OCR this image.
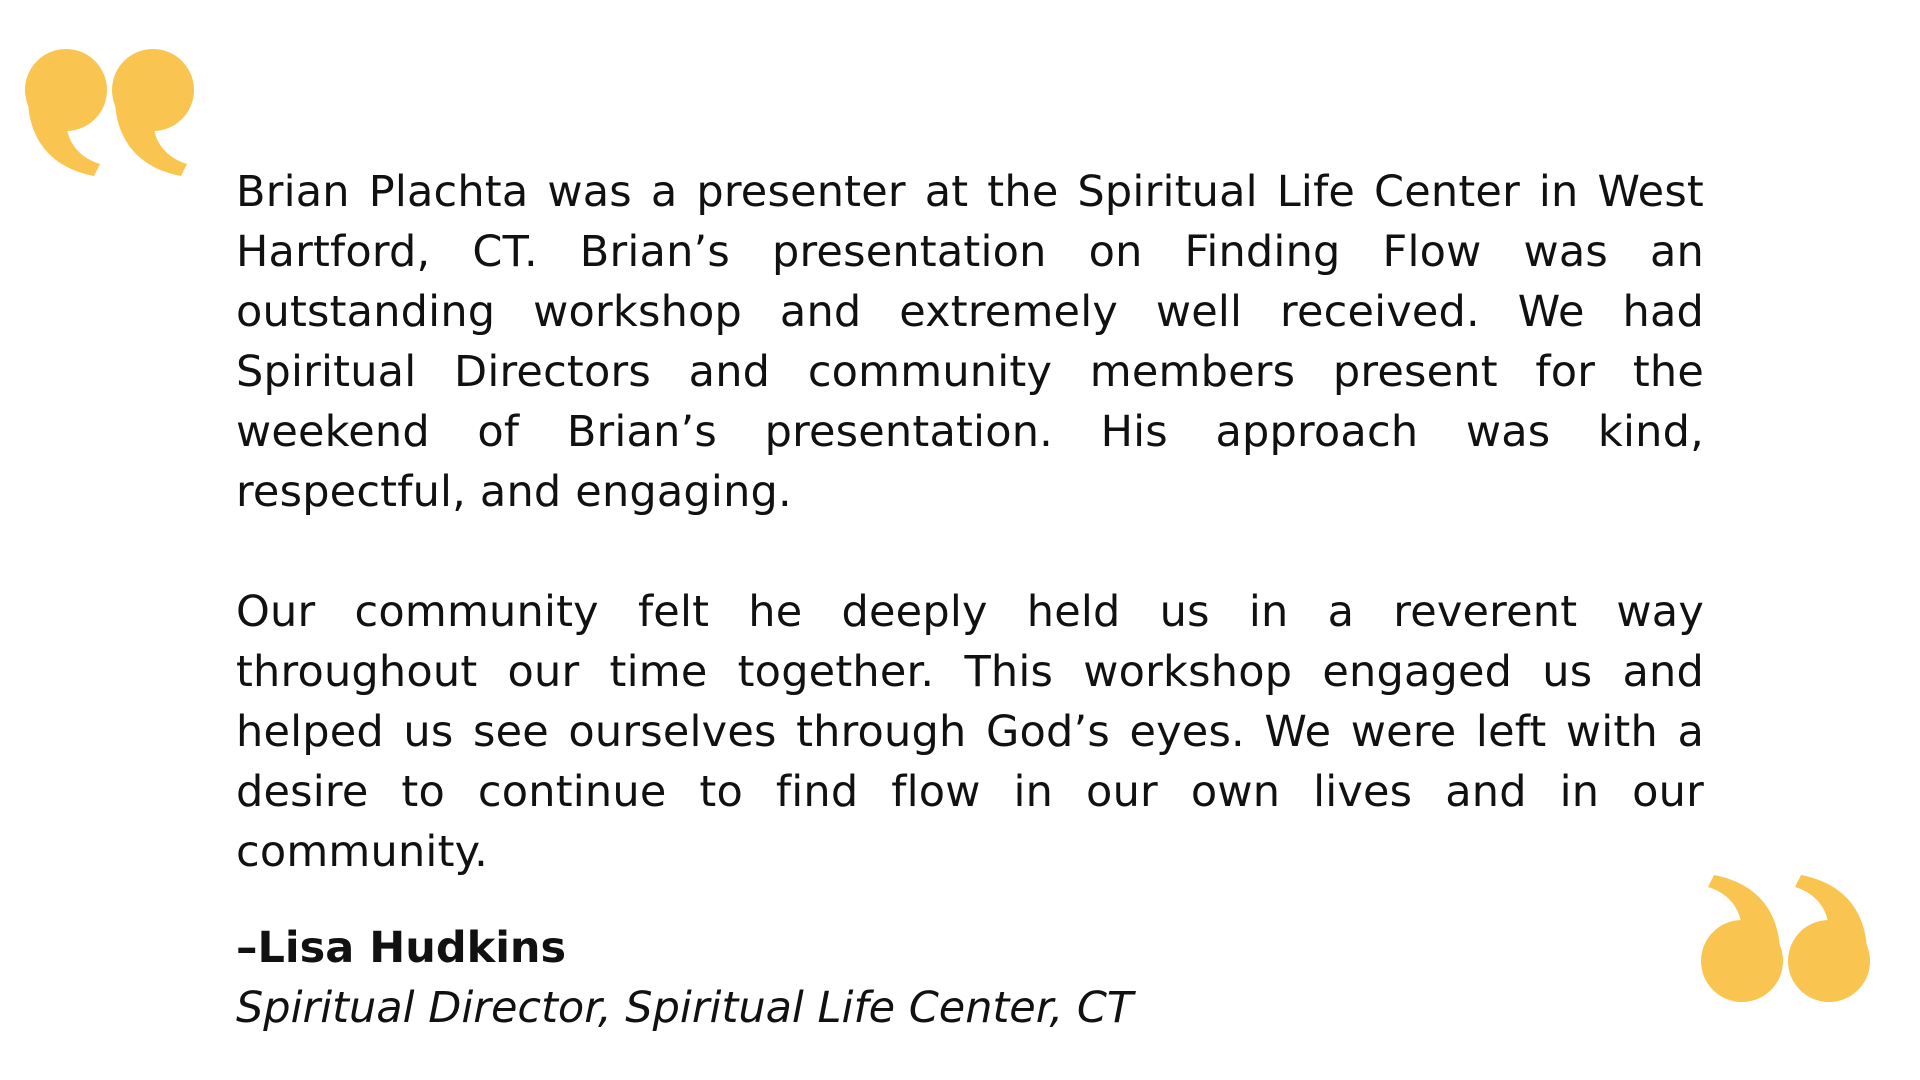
Brian Plachta was a presenter at the Spiritual Life Center in West Hartford, CT. Brian’s presentation on Finding Flow was an outstanding workshop and extremely well received. We had Spiritual Directors and community members present for the weekend of Brian’s presentation. His approach was kind, respectful, and engaging.

Our community felt he deeply held us in a reverent way throughout our time together. This workshop engaged us and helped us see ourselves through God’s eyes. We were left with a desire to continue to find flow in our own lives and in our community.

–Lisa Hudkins
Spiritual Director, Spiritual Life Center, CT
